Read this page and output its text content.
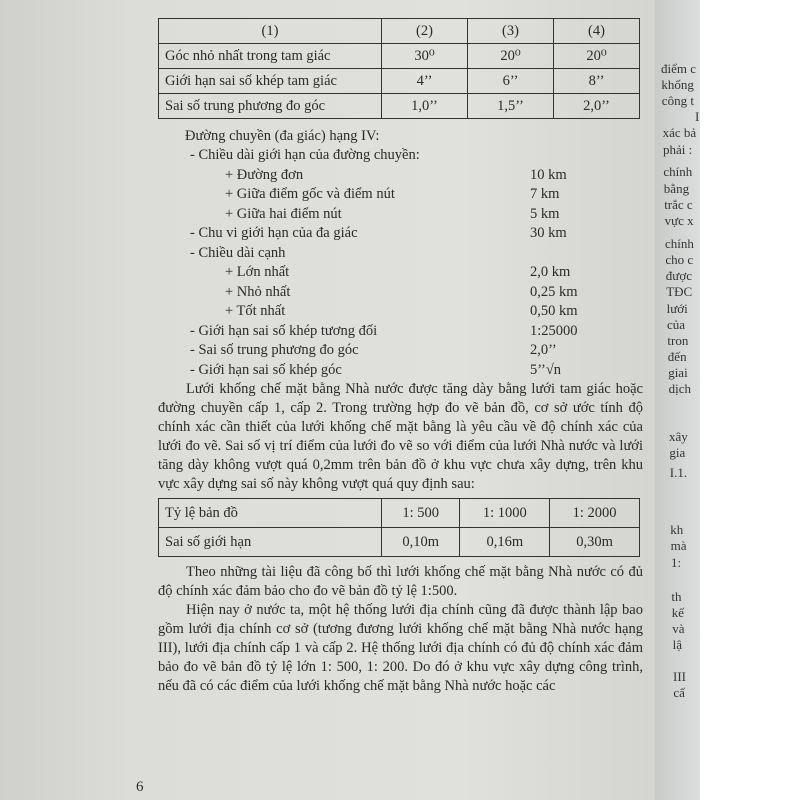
(1)	(2)	(3)	(4)
Góc nhỏ nhất trong tam giác	30⁰	20⁰	20⁰
Giới hạn sai số khép tam giác	4’’	6’’	8’’
Sai số trung phương đo góc	1,0’’	1,5’’	2,0’’
Đường chuyền (đa giác) hạng IV:
- Chiều dài giới hạn của đường chuyền:
+ Đường đơn	10 km
+ Giữa điểm gốc và điểm nút	7 km
+ Giữa hai điểm nút	5 km
- Chu vi giới hạn của đa giác	30 km
- Chiều dài cạnh
+ Lớn nhất	2,0 km
+ Nhỏ nhất	0,25 km
+ Tốt nhất	0,50 km
- Giới hạn sai số khép tương đối	1:25000
- Sai số trung phương đo góc	2,0’’
- Giới hạn sai số khép góc	5’’√n

Lưới khống chế mặt bằng Nhà nước được tăng dày bằng lưới tam giác hoặc đường chuyền cấp 1, cấp 2. Trong trường hợp đo vẽ bản đồ, cơ sở ước tính độ chính xác cần thiết của lưới khống chế mặt bằng là yêu cầu về độ chính xác của lưới đo vẽ. Sai số vị trí điểm của lưới đo vẽ so với điểm của lưới Nhà nước và lưới tăng dày không vượt quá 0,2mm trên bản đồ ở khu vực chưa xây dựng, trên khu vực xây dựng sai số này không vượt quá quy định sau:

Tỷ lệ bản đồ	1: 500	1: 1000	1: 2000
Sai số giới hạn	0,10m	0,16m	0,30m

Theo những tài liệu đã công bố thì lưới khống chế mặt bằng Nhà nước có đủ độ chính xác đảm bảo cho đo vẽ bản đồ tỷ lệ 1:500.

Hiện nay ở nước ta, một hệ thống lưới địa chính cũng đã được thành lập bao gồm lưới địa chính cơ sở (tương đương lưới khống chế mặt bằng Nhà nước hạng III), lưới địa chính cấp 1 và cấp 2. Hệ thống lưới địa chính có đủ độ chính xác đảm bảo đo vẽ bản đồ tỷ lệ lớn 1: 500, 1: 200. Do đó ở khu vực xây dựng công trình, nếu đã có các điểm của lưới khống chế mặt bằng Nhà nước hoặc các

6
điểm c
khống
công t
I
xác bả
phải :
chính
bằng
trắc c
vực x
chính
cho c
được
TĐC
lưới
của
tron
đến
giai
dịch
xây
gia
I.1.
kh
mà
1:
th
kế
và
lậ
III
cấ
